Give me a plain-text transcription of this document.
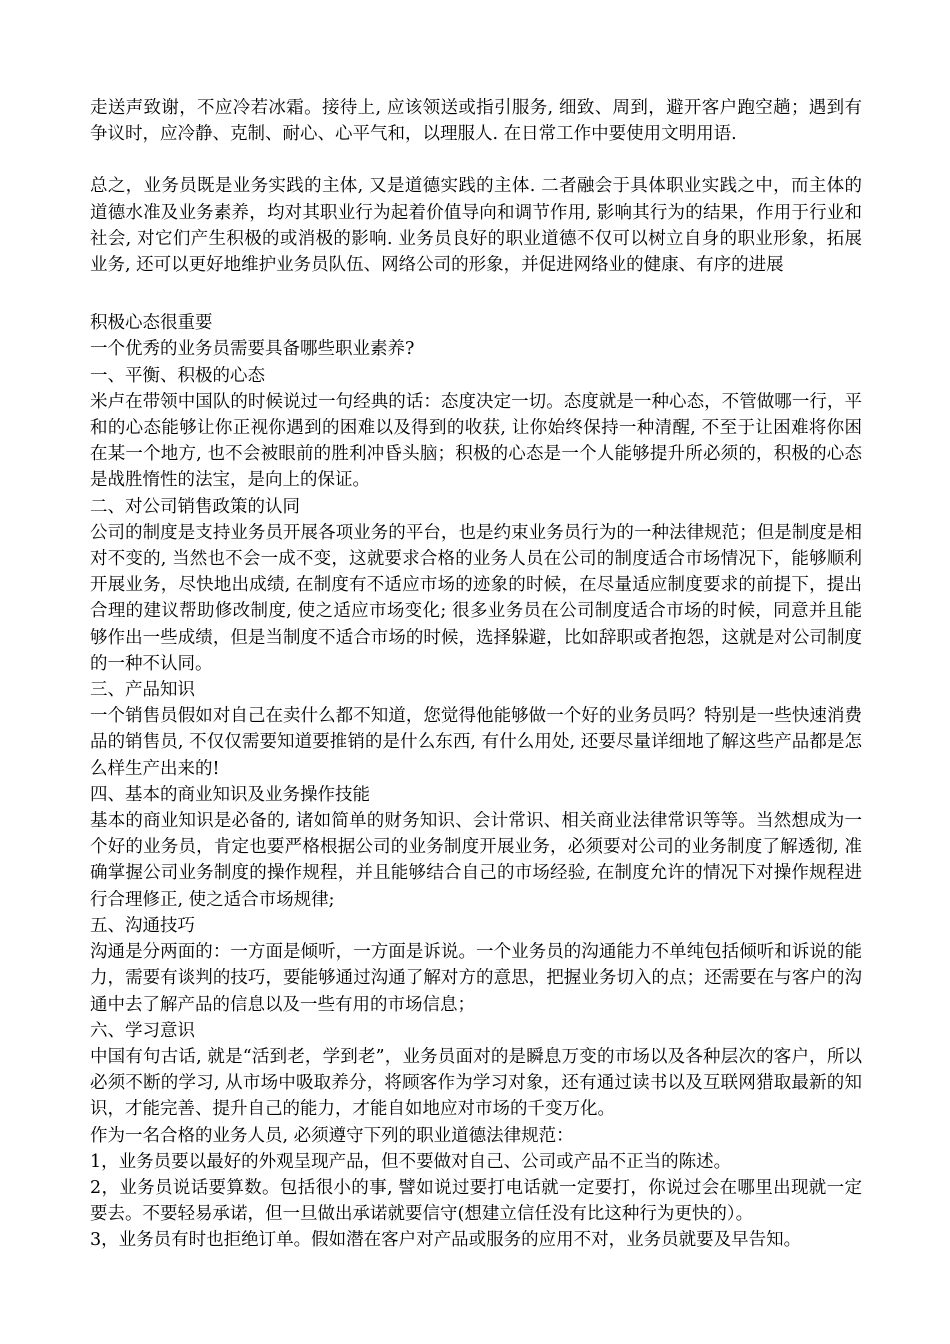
走送声致谢，不应冷若冰霜。接待上, 应该领送或指引服务, 细致、周到，避开客户跑空趟；遇到有争议时，应冷静、克制、耐心、心平气和，以理服人. 在日常工作中要使用文明用语.

总之，业务员既是业务实践的主体, 又是道德实践的主体. 二者融会于具体职业实践之中，而主体的道德水准及业务素养，均对其职业行为起着价值导向和调节作用, 影响其行为的结果，作用于行业和社会, 对它们产生积极的或消极的影响. 业务员良好的职业道德不仅可以树立自身的职业形象，拓展业务, 还可以更好地维护业务员队伍、网络公司的形象，并促进网络业的健康、有序的进展

积极心态很重要

一个优秀的业务员需要具备哪些职业素养?

一、平衡、积极的心态

米卢在带领中国队的时候说过一句经典的话：态度决定一切。态度就是一种心态，不管做哪一行，平和的心态能够让你正视你遇到的困难以及得到的收获, 让你始终保持一种清醒, 不至于让困难将你困在某一个地方, 也不会被眼前的胜利冲昏头脑；积极的心态是一个人能够提升所必须的，积极的心态是战胜惰性的法宝，是向上的保证。

二、对公司销售政策的认同

公司的制度是支持业务员开展各项业务的平台，也是约束业务员行为的一种法律规范；但是制度是相对不变的, 当然也不会一成不变，这就要求合格的业务人员在公司的制度适合市场情况下，能够顺利开展业务，尽快地出成绩, 在制度有不适应市场的迹象的时候，在尽量适应制度要求的前提下，提出合理的建议帮助修改制度, 使之适应市场变化; 很多业务员在公司制度适合市场的时候，同意并且能够作出一些成绩，但是当制度不适合市场的时候，选择躲避，比如辞职或者抱怨，这就是对公司制度的一种不认同。

三、产品知识

一个销售员假如对自己在卖什么都不知道，您觉得他能够做一个好的业务员吗？特别是一些快速消费品的销售员, 不仅仅需要知道要推销的是什么东西, 有什么用处, 还要尽量详细地了解这些产品都是怎么样生产出来的!

四、基本的商业知识及业务操作技能

基本的商业知识是必备的, 诸如简单的财务知识、会计常识、相关商业法律常识等等。当然想成为一个好的业务员，肯定也要严格根据公司的业务制度开展业务，必须要对公司的业务制度了解透彻, 准确掌握公司业务制度的操作规程，并且能够结合自己的市场经验, 在制度允许的情况下对操作规程进行合理修正, 使之适合市场规律;

五、沟通技巧

沟通是分两面的：一方面是倾听，一方面是诉说。一个业务员的沟通能力不单纯包括倾听和诉说的能力，需要有谈判的技巧，要能够通过沟通了解对方的意思，把握业务切入的点；还需要在与客户的沟通中去了解产品的信息以及一些有用的市场信息；

六、学习意识

中国有句古话, 就是“活到老，学到老”，业务员面对的是瞬息万变的市场以及各种层次的客户，所以必须不断的学习, 从市场中吸取养分，将顾客作为学习对象，还有通过读书以及互联网猎取最新的知识，才能完善、提升自己的能力，才能自如地应对市场的千变万化。

作为一名合格的业务人员, 必须遵守下列的职业道德法律规范：

1，业务员要以最好的外观呈现产品，但不要做对自己、公司或产品不正当的陈述。

2，业务员说话要算数。包括很小的事, 譬如说过要打电话就一定要打，你说过会在哪里出现就一定要去。不要轻易承诺，但一旦做出承诺就要信守(想建立信任没有比这种行为更快的）。

3，业务员有时也拒绝订单。假如潜在客户对产品或服务的应用不对，业务员就要及早告知。
